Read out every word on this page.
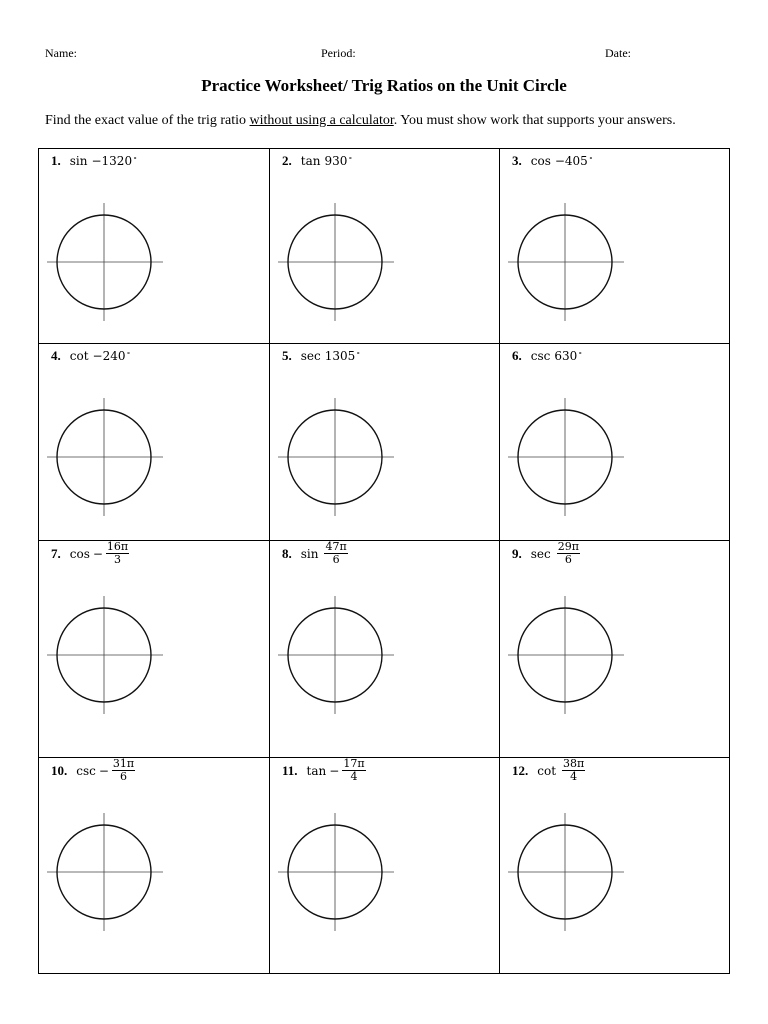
Name:	Period:	Date:
Practice Worksheet/ Trig Ratios on the Unit Circle
Find the exact value of the trig ratio without using a calculator. You must show work that supports your answers.
1. sin −1320 ˚	2. tan 930 ˚	3. cos −405 ˚
4. cot −240 ˚	5. sec 1305 ˚	6. csc 630 ˚
7. $\cos - \frac{16\pi}{3}$	8. $\sin \frac{47\pi}{6}$	9. $\sec \frac{29\pi}{6}$
10. $\csc - \frac{31\pi}{6}$	11. $\tan - \frac{17\pi}{4}$	12. $\cot \frac{38\pi}{4}$
